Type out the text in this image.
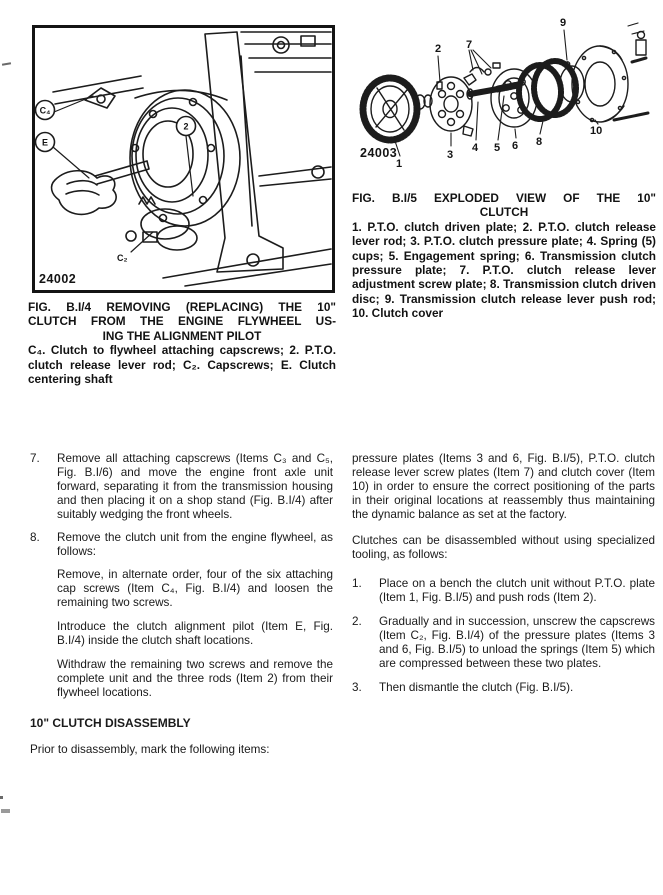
C₄
E
2
C₂
24002
FIG. B.I/4 REMOVING (REPLACING) THE 10"
CLUTCH FROM THE ENGINE FLYWHEEL US-
ING THE ALIGNMENT PILOT
C₄. Clutch to flywheel attaching capscrews; 2. P.T.O. clutch release lever rod; C₂. Capscrews; E. Clutch centering shaft
1
2
3
4 5 6
7
8
9
10
24003
FIG. B.I/5 EXPLODED VIEW OF THE 10"
CLUTCH
1. P.T.O. clutch driven plate; 2. P.T.O. clutch release lever rod; 3. P.T.O. clutch pressure plate; 4. Spring (5) cups; 5. Engagement spring; 6. Transmission clutch pressure plate; 7. P.T.O. clutch release lever adjustment screw plate; 8. Transmission clutch driven disc; 9. Transmission clutch release lever push rod; 10. Clutch cover
7.	Remove all attaching capscrews (Items C₃ and C₅, Fig. B.I/6) and move the engine front axle unit forward, separating it from the transmission housing and then placing it on a shop stand (Fig. B.I/4) after suitably wedging the front wheels.
8.	Remove the clutch unit from the engine flywheel, as follows:
Remove, in alternate order, four of the six attaching cap screws (Item C₄, Fig. B.I/4) and loosen the remaining two screws.
Introduce the clutch alignment pilot (Item E, Fig. B.I/4) inside the clutch shaft locations.
Withdraw the remaining two screws and remove the complete unit and the three rods (Item 2) from their flywheel locations.
10" CLUTCH DISASSEMBLY
Prior to disassembly, mark the following items:
pressure plates (Items 3 and 6, Fig. B.I/5), P.T.O. clutch release lever screw plates (Item 7) and clutch cover (Item 10) in order to ensure the correct positioning of the parts in their original locations at reassembly thus maintaining the dynamic balance as set at the factory.
Clutches can be disassembled without using specialized tooling, as follows:
1.	Place on a bench the clutch unit without P.T.O. plate (Item 1, Fig. B.I/5) and push rods (Item 2).
2.	Gradually and in succession, unscrew the capscrews (Item C₂, Fig. B.I/4) of the pressure plates (Items 3 and 6, Fig. B.I/5) to unload the springs (Item 5) which are compressed between these two plates.
3.	Then dismantle the clutch (Fig. B.I/5).
